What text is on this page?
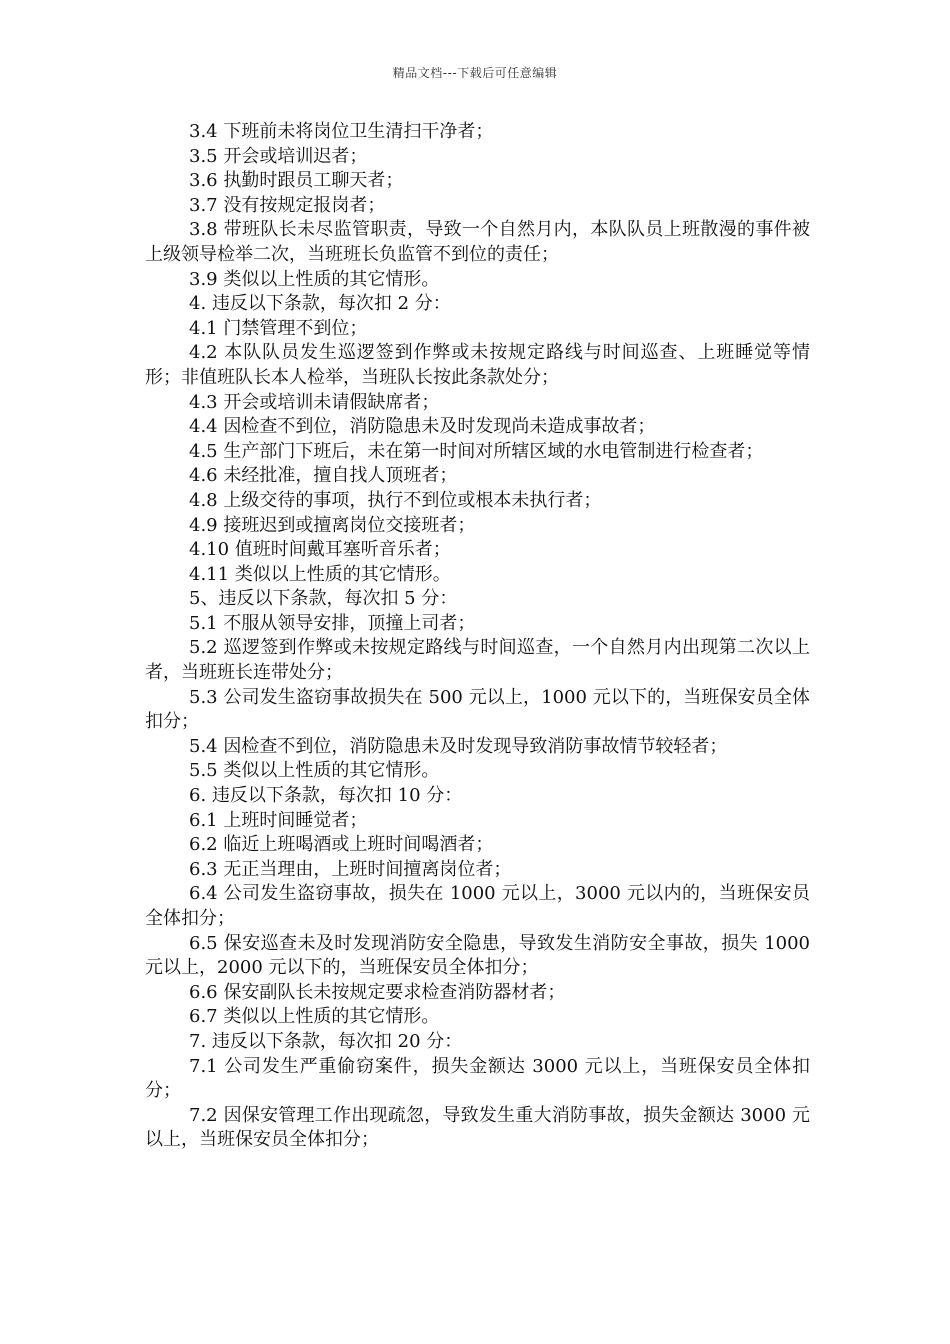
精品文档---下载后可任意编辑

3.4 下班前未将岗位卫生清扫干净者；

3.5 开会或培训迟者；

3.6 执勤时跟员工聊天者；

3.7 没有按规定报岗者；

3.8 带班队长未尽监管职责，导致一个自然月内，本队队员上班散漫的事件被上级领导检举二次，当班班长负监管不到位的责任；

3.9 类似以上性质的其它情形。

4. 违反以下条款，每次扣 2 分：

4.1 门禁管理不到位；

4.2 本队队员发生巡逻签到作弊或未按规定路线与时间巡查、上班睡觉等情形；非值班队长本人检举，当班队长按此条款处分；

4.3 开会或培训未请假缺席者；

4.4 因检查不到位，消防隐患未及时发现尚未造成事故者；

4.5 生产部门下班后，未在第一时间对所辖区域的水电管制进行检查者；

4.6 未经批准，擅自找人顶班者；

4.8 上级交待的事项，执行不到位或根本未执行者；

4.9 接班迟到或擅离岗位交接班者；

4.10 值班时间戴耳塞听音乐者；

4.11 类似以上性质的其它情形。

5、违反以下条款，每次扣 5 分：

5.1 不服从领导安排，顶撞上司者；

5.2 巡逻签到作弊或未按规定路线与时间巡查，一个自然月内出现第二次以上者，当班班长连带处分；

5.3 公司发生盗窃事故损失在 500 元以上，1000 元以下的，当班保安员全体扣分；

5.4 因检查不到位，消防隐患未及时发现导致消防事故情节较轻者；

5.5 类似以上性质的其它情形。

6. 违反以下条款，每次扣 10 分：

6.1 上班时间睡觉者；

6.2 临近上班喝酒或上班时间喝酒者；

6.3 无正当理由，上班时间擅离岗位者；

6.4 公司发生盗窃事故，损失在 1000 元以上，3000 元以内的，当班保安员全体扣分；

6.5 保安巡查未及时发现消防安全隐患，导致发生消防安全事故，损失 1000 元以上，2000 元以下的，当班保安员全体扣分；

6.6 保安副队长未按规定要求检查消防器材者；

6.7 类似以上性质的其它情形。

7. 违反以下条款，每次扣 20 分：

7.1 公司发生严重偷窃案件，损失金额达 3000 元以上，当班保安员全体扣分；

7.2 因保安管理工作出现疏忽，导致发生重大消防事故，损失金额达 3000 元以上，当班保安员全体扣分；
